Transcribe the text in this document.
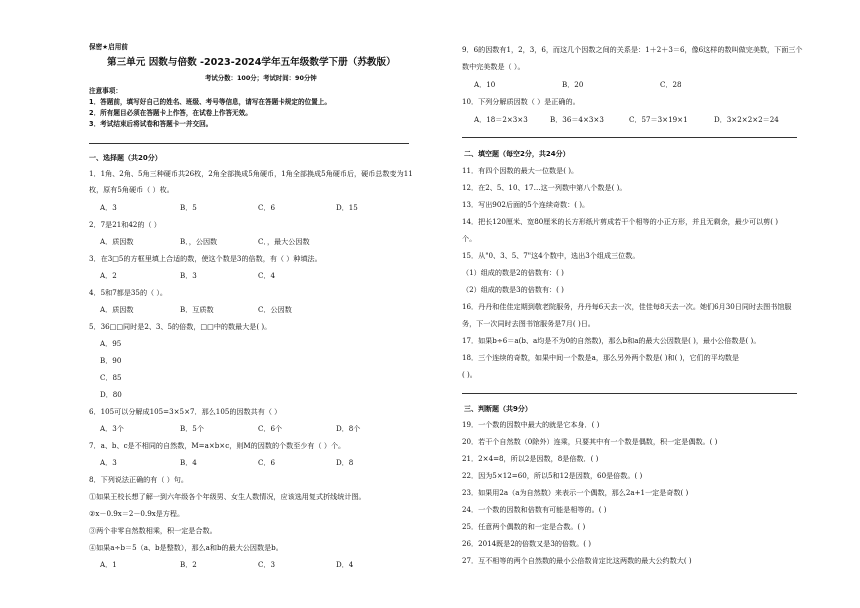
保密★启用前
第三单元 因数与倍数 -2023-2024学年五年级数学下册（苏教版）
考试分数：100分；考试时间：90分钟
注意事项：
1．答题前，填写好自己的姓名、班级、考号等信息，请写在答题卡规定的位置上。
2．所有题目必须在答题卡上作答，在试卷上作答无效。
3．考试结束后将试卷和答题卡一并交回。
一、选择题（共20分）
1．1角、2角、5角三种硬币共26枚，2角全部换成5角硬币，1角全部换成5角硬币后，硬币总数变为11
枚，原有5角硬币（ ）枚。
A．3	B．5	C．6	D．15
2．7是21和42的（ ）
A．质因数	B．，公因数	C．，最大公因数
3．在3□5的方框里填上合适的数，使这个数是3的倍数，有（ ）种填法。
A．2	B．3	C．4
4．5和7都是35的（ ）。
A．质因数	B．互质数	C．公因数
5．36□□同时是2、3、5的倍数，□□中的数最大是( )。
A．95
B．90
C．85
D．80
6．105可以分解成105=3×5×7．那么105的因数共有（ ）
A．3个	B．5个	C．6个	D．8个
7．a、b、c是不相同的自然数，M=a×b×c，则M的因数的个数至少有（ ）个。
A．3	B．4	C．6	D．8
8．下列说法正确的有（ ）句。
①如果王校长想了解一到六年级各个年级男、女生人数情况，应该选用复式折线统计图。
②x－0.9x＝2－0.9x是方程。
③两个非零自然数相乘，积一定是合数。
④如果a÷b＝5（a、b是整数），那么a和b的最大公因数是b。
A．1	B．2	C．3	D．4
9．6的因数有1，2，3，6，而这几个因数之间的关系是：1＋2＋3＝6，像6这样的数叫做完美数，下面三个
数中完美数是（ ）。
A．10	B．20	C．28
10．下列分解质因数（ ）是正确的。
A．18＝2×3×3	B．36＝4×3×3	C．57＝3×19×1	D．3×2×2×2＝24
二、填空题（每空2分，共24分）
11．有四个因数的最大一位数是( )。
12．在2、5、10、17…这一列数中第八个数是( )。
13．写出902后面的5个连续奇数：( )。
14．把长120厘米、宽80厘米的长方形纸片剪成若干个相等的小正方形，并且无剩余，最少可以剪( )
个。
15．从"0、3、5、7"这4个数中，选出3个组成三位数。
（1）组成的数是2的倍数有：( )
（2）组成的数是3的倍数有：( )
16．丹丹和佳佳定期到敬老院服务，丹丹每6天去一次，佳佳每8天去一次。她们6月30日同时去图书馆服
务，下一次同时去图书馆服务是7月( )日。
17．如果b÷6＝a(b、a均是不为0的自然数)，那么b和a的最大公因数是( )，最小公倍数是( )。
18．三个连续的奇数，如果中间一个数是a，那么另外两个数是( )和( )，它们的平均数是
( )。
三、判断题（共9分）
19．一个数的因数中最大的就是它本身．( )
20．若干个自然数（0除外）连乘，只要其中有一个数是偶数，积一定是偶数。( )
21．2×4=8，所以2是因数，8是倍数．( )
22．因为5×12=60，所以5和12是因数，60是倍数。( )
23．如果用2a（a为自然数）来表示一个偶数，那么2a+1一定是奇数( )
24．一个数的因数和倍数有可能是相等的。( )
25．任意两个偶数的和一定是合数。( )
26．2014既是2的倍数又是3的倍数。( )
27．互不相等的两个自然数的最小公倍数肯定比这两数的最大公约数大( )
